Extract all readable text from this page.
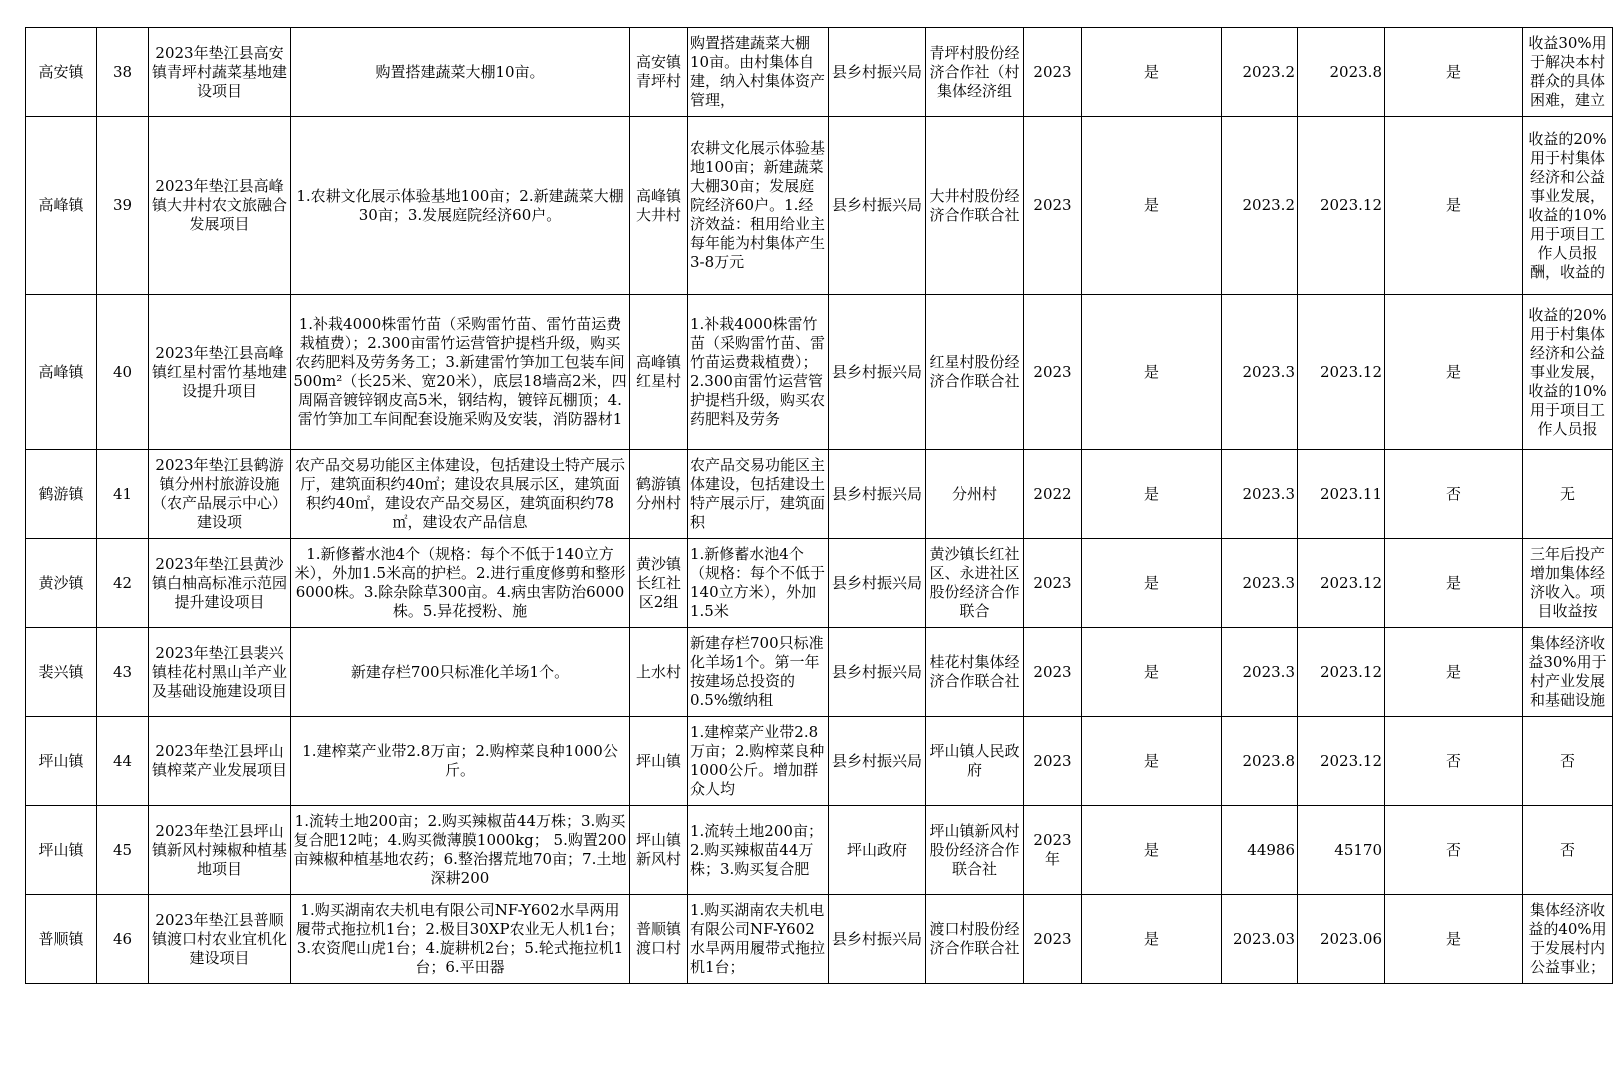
高安镇	38	2023年垫江县高安镇青坪村蔬菜基地建设项目	购置搭建蔬菜大棚10亩。	高安镇青坪村	购置搭建蔬菜大棚10亩。由村集体自建，纳入村集体资产管理，	县乡村振兴局	青坪村股份经济合作社（村集体经济组	2023	是	2023.2	2023.8	是	收益30%用于解决本村群众的具体困难，建立

高峰镇	39	2023年垫江县高峰镇大井村农文旅融合发展项目	1.农耕文化展示体验基地100亩；2.新建蔬菜大棚30亩；3.发展庭院经济60户。	高峰镇大井村	农耕文化展示体验基地100亩；新建蔬菜大棚30亩；发展庭院经济60户。1.经济效益：租用给业主每年能为村集体产生3-8万元	县乡村振兴局	大井村股份经济合作联合社	2023	是	2023.2	2023.12	是	收益的20%用于村集体经济和公益事业发展，收益的10%用于项目工作人员报酬，收益的

高峰镇	40	2023年垫江县高峰镇红星村雷竹基地建设提升项目	1.补栽4000株雷竹苗（采购雷竹苗、雷竹苗运费栽植费）；2.300亩雷竹运营管护提档升级，购买农药肥料及劳务务工；3.新建雷竹笋加工包装车间500m²（长25米、宽20米），底层18墙高2米，四周隔音镀锌钢皮高5米，钢结构，镀锌瓦棚顶；4.雷竹笋加工车间配套设施采购及安装，消防器材1	高峰镇红星村	1.补栽4000株雷竹苗（采购雷竹苗、雷竹苗运费栽植费）；2.300亩雷竹运营管护提档升级，购买农药肥料及劳务	县乡村振兴局	红星村股份经济合作联合社	2023	是	2023.3	2023.12	是	收益的20%用于村集体经济和公益事业发展，收益的10%用于项目工作人员报

鹤游镇	41	2023年垫江县鹤游镇分州村旅游设施（农产品展示中心）建设项	农产品交易功能区主体建设，包括建设土特产展示厅，建筑面积约40㎡；建设农具展示区，建筑面积约40㎡，建设农产品交易区，建筑面积约78㎡，建设农产品信息	鹤游镇分州村	农产品交易功能区主体建设，包括建设土特产展示厅，建筑面积	县乡村振兴局	分州村	2022	是	2023.3	2023.11	否	无

黄沙镇	42	2023年垫江县黄沙镇白柚高标准示范园提升建设项目	1.新修蓄水池4个（规格：每个不低于140立方米），外加1.5米高的护栏。2.进行重度修剪和整形6000株。3.除杂除草300亩。4.病虫害防治6000株。5.异花授粉、施	黄沙镇长红社区2组	1.新修蓄水池4个（规格：每个不低于140立方米），外加1.5米	县乡村振兴局	黄沙镇长红社区、永进社区股份经济合作联合	2023	是	2023.3	2023.12	是	三年后投产增加集体经济收入。项目收益按

裴兴镇	43	2023年垫江县裴兴镇桂花村黑山羊产业及基础设施建设项目	新建存栏700只标准化羊场1个。	上水村	新建存栏700只标准化羊场1个。第一年按建场总投资的0.5%缴纳租	县乡村振兴局	桂花村集体经济合作联合社	2023	是	2023.3	2023.12	是	集体经济收益30%用于村产业发展和基础设施

坪山镇	44	2023年垫江县坪山镇榨菜产业发展项目	1.建榨菜产业带2.8万亩；2.购榨菜良种1000公斤。	坪山镇	1.建榨菜产业带2.8万亩；2.购榨菜良种1000公斤。增加群众人均	县乡村振兴局	坪山镇人民政府	2023	是	2023.8	2023.12	否	否

坪山镇	45	2023年垫江县坪山镇新风村辣椒种植基地项目	1.流转土地200亩；2.购买辣椒苗44万株；3.购买复合肥12吨；4.购买微薄膜1000kg； 5.购置200亩辣椒种植基地农药；6.整治撂荒地70亩；7.土地深耕200	坪山镇新风村	1.流转土地200亩；2.购买辣椒苗44万株；3.购买复合肥	坪山政府	坪山镇新风村股份经济合作联合社	2023年	是	44986	45170	否	否

普顺镇	46	2023年垫江县普顺镇渡口村农业宜机化建设项目	1.购买湖南农夫机电有限公司NF-Y602水旱两用履带式拖拉机1台；2.极目30XP农业无人机1台；3.农资爬山虎1台；4.旋耕机2台；5.轮式拖拉机1台；6.平田器	普顺镇渡口村	1.购买湖南农夫机电有限公司NF-Y602水旱两用履带式拖拉机1台；	县乡村振兴局	渡口村股份经济合作联合社	2023	是	2023.03	2023.06	是	集体经济收益的40%用于发展村内公益事业；
